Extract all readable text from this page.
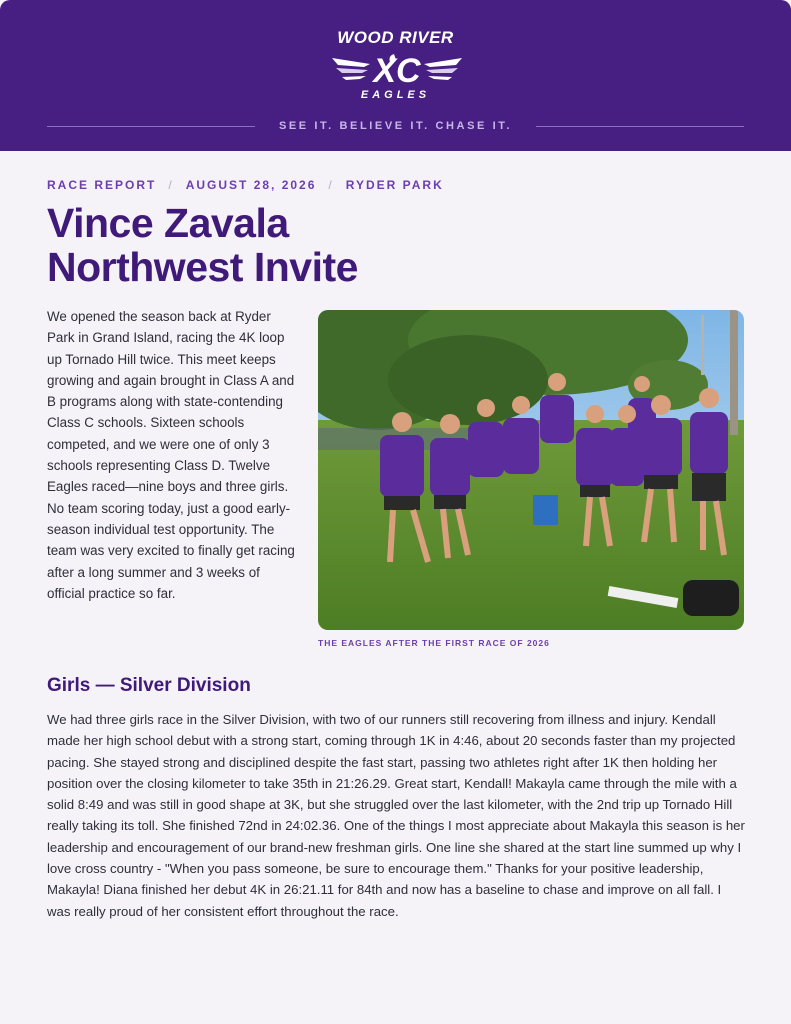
WOOD RIVER
XC
EAGLES
SEE IT. BELIEVE IT. CHASE IT.
RACE REPORT / AUGUST 28, 2026 / RYDER PARK
Vince Zavala
Northwest Invite

We opened the season back at Ryder Park in Grand Island, racing the 4K loop up Tornado Hill twice. This meet keeps growing and again brought in Class A and B programs along with state-contending Class C schools. Sixteen schools competed, and we were one of only 3 schools representing Class D. Twelve Eagles raced—nine boys and three girls. No team scoring today, just a good early-season individual test opportunity. The team was very excited to finally get racing after a long summer and 3 weeks of official practice so far.

THE EAGLES AFTER THE FIRST RACE OF 2026
Girls — Silver Division

We had three girls race in the Silver Division, with two of our runners still recovering from illness and injury. Kendall made her high school debut with a strong start, coming through 1K in 4:46, about 20 seconds faster than my projected pacing. She stayed strong and disciplined despite the fast start, passing two athletes right after 1K then holding her position over the closing kilometer to take 35th in 21:26.29. Great start, Kendall! Makayla came through the mile with a solid 8:49 and was still in good shape at 3K, but she struggled over the last kilometer, with the 2nd trip up Tornado Hill really taking its toll. She finished 72nd in 24:02.36. One of the things I most appreciate about Makayla this season is her leadership and encouragement of our brand-new freshman girls. One line she shared at the start line summed up why I love cross country - "When you pass someone, be sure to encourage them." Thanks for your positive leadership, Makayla! Diana finished her debut 4K in 26:21.11 for 84th and now has a baseline to chase and improve on all fall. I was really proud of her consistent effort throughout the race.
